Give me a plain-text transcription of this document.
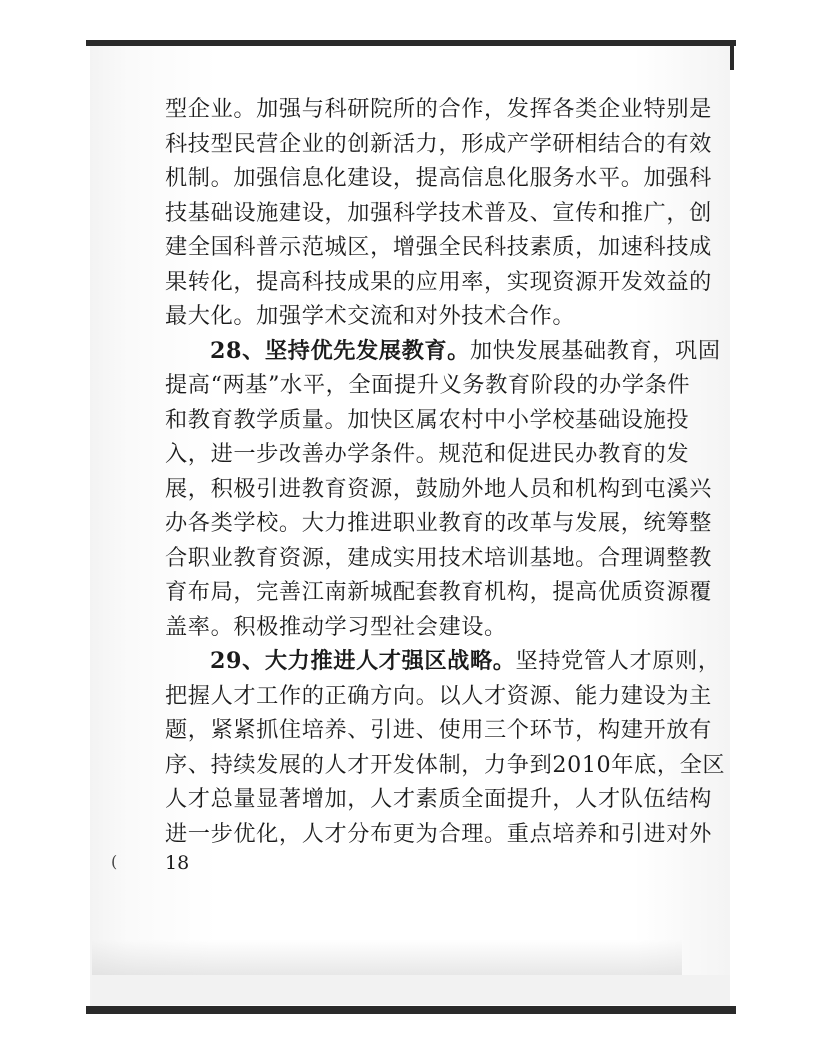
型企业。加强与科研院所的合作，发挥各类企业特别是
科技型民营企业的创新活力，形成产学研相结合的有效
机制。加强信息化建设，提高信息化服务水平。加强科
技基础设施建设，加强科学技术普及、宣传和推广，创
建全国科普示范城区，增强全民科技素质，加速科技成
果转化，提高科技成果的应用率，实现资源开发效益的
最大化。加强学术交流和对外技术合作。
28、坚持优先发展教育。加快发展基础教育，巩固
提高“两基”水平，全面提升义务教育阶段的办学条件
和教育教学质量。加快区属农村中小学校基础设施投
入，进一步改善办学条件。规范和促进民办教育的发
展，积极引进教育资源，鼓励外地人员和机构到屯溪兴
办各类学校。大力推进职业教育的改革与发展，统筹整
合职业教育资源，建成实用技术培训基地。合理调整教
育布局，完善江南新城配套教育机构，提高优质资源覆
盖率。积极推动学习型社会建设。
29、大力推进人才强区战略。坚持党管人才原则，
把握人才工作的正确方向。以人才资源、能力建设为主
题，紧紧抓住培养、引进、使用三个环节，构建开放有
序、持续发展的人才开发体制，力争到2010年底，全区
人才总量显著增加，人才素质全面提升，人才队伍结构
进一步优化，人才分布更为合理。重点培养和引进对外
(	18
